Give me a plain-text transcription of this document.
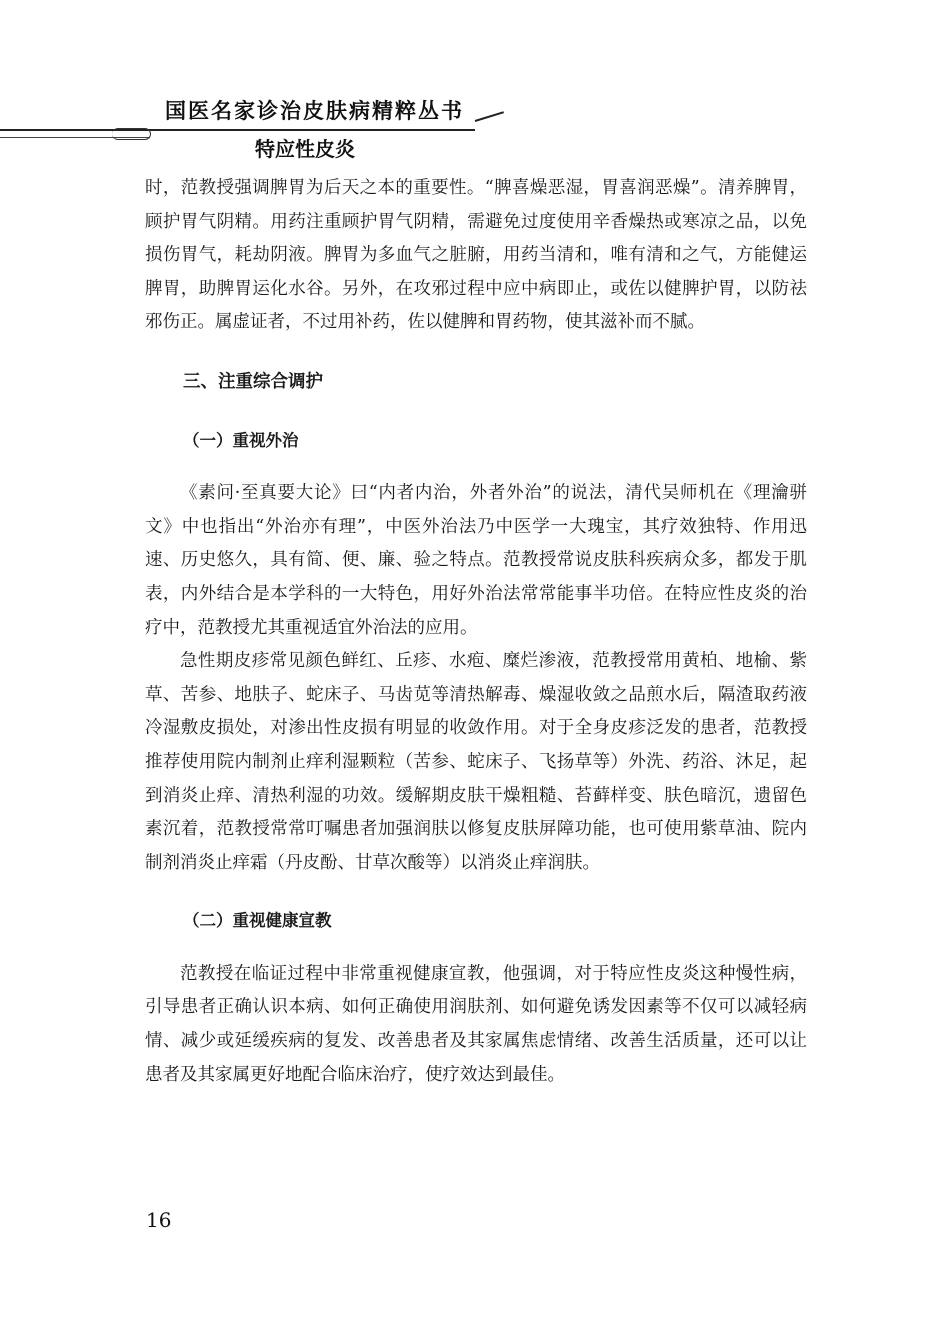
国医名家诊治皮肤病精粹丛书
特应性皮炎

时，范教授强调脾胃为后天之本的重要性。“脾喜燥恶湿，胃喜润恶燥”。清养脾胃，顾护胃气阴精。用药注重顾护胃气阴精，需避免过度使用辛香燥热或寒凉之品，以免损伤胃气，耗劫阴液。脾胃为多血气之脏腑，用药当清和，唯有清和之气，方能健运脾胃，助脾胃运化水谷。另外，在攻邪过程中应中病即止，或佐以健脾护胃，以防祛邪伤正。属虚证者，不过用补药，佐以健脾和胃药物，使其滋补而不腻。

三、注重综合调护

（一）重视外治

《素问·至真要大论》曰“内者内治，外者外治”的说法，清代吴师机在《理瀹骈文》中也指出“外治亦有理”，中医外治法乃中医学一大瑰宝，其疗效独特、作用迅速、历史悠久，具有简、便、廉、验之特点。范教授常说皮肤科疾病众多，都发于肌表，内外结合是本学科的一大特色，用好外治法常常能事半功倍。在特应性皮炎的治疗中，范教授尤其重视适宜外治法的应用。

急性期皮疹常见颜色鲜红、丘疹、水疱、糜烂渗液，范教授常用黄柏、地榆、紫草、苦参、地肤子、蛇床子、马齿苋等清热解毒、燥湿收敛之品煎水后，隔渣取药液冷湿敷皮损处，对渗出性皮损有明显的收敛作用。对于全身皮疹泛发的患者，范教授推荐使用院内制剂止痒利湿颗粒（苦参、蛇床子、飞扬草等）外洗、药浴、沐足，起到消炎止痒、清热利湿的功效。缓解期皮肤干燥粗糙、苔藓样变、肤色暗沉，遗留色素沉着，范教授常常叮嘱患者加强润肤以修复皮肤屏障功能，也可使用紫草油、院内制剂消炎止痒霜（丹皮酚、甘草次酸等）以消炎止痒润肤。

（二）重视健康宣教

范教授在临证过程中非常重视健康宣教，他强调，对于特应性皮炎这种慢性病，引导患者正确认识本病、如何正确使用润肤剂、如何避免诱发因素等不仅可以减轻病情、减少或延缓疾病的复发、改善患者及其家属焦虑情绪、改善生活质量，还可以让患者及其家属更好地配合临床治疗，使疗效达到最佳。

16
